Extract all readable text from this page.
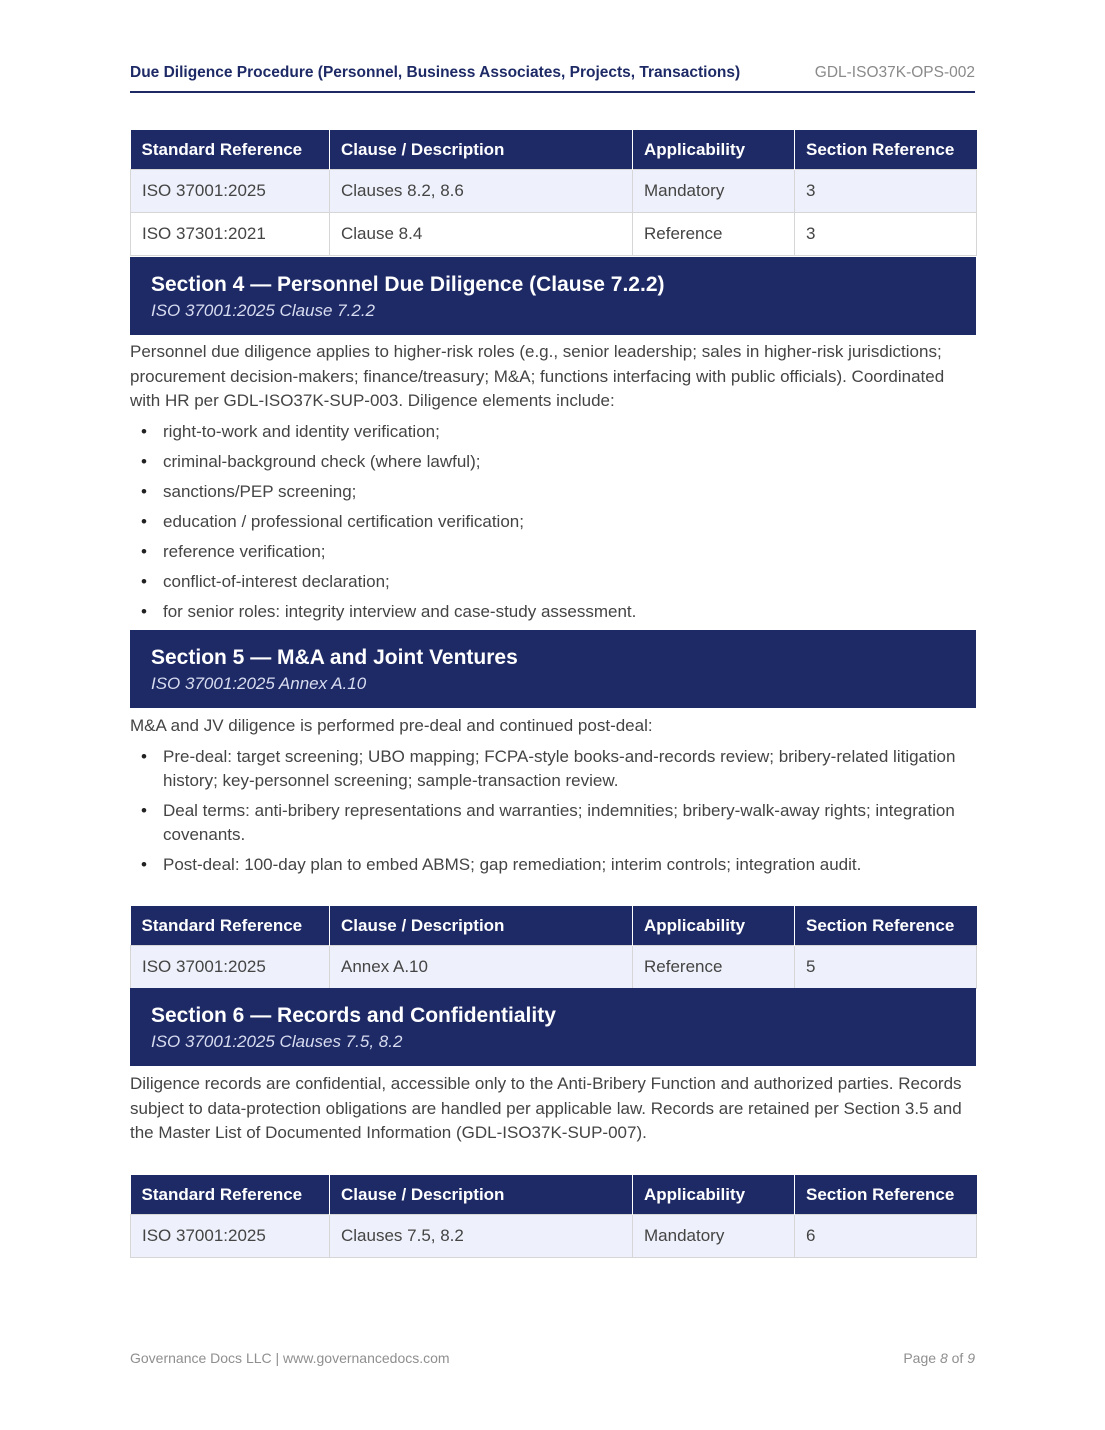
Due Diligence Procedure (Personnel, Business Associates, Projects, Transactions)	GDL-ISO37K-OPS-002
Standard Reference	Clause / Description	Applicability	Section Reference
ISO 37001:2025	Clauses 8.2, 8.6	Mandatory	3
ISO 37301:2021	Clause 8.4	Reference	3
Section 4 — Personnel Due Diligence (Clause 7.2.2)
ISO 37001:2025 Clause 7.2.2

Personnel due diligence applies to higher-risk roles (e.g., senior leadership; sales in higher-risk jurisdictions; procurement decision-makers; finance/treasury; M&A; functions interfacing with public officials). Coordinated with HR per GDL-ISO37K-SUP-003. Diligence elements include:

• right-to-work and identity verification;
• criminal-background check (where lawful);
• sanctions/PEP screening;
• education / professional certification verification;
• reference verification;
• conflict-of-interest declaration;
• for senior roles: integrity interview and case-study assessment.
Section 5 — M&A and Joint Ventures
ISO 37001:2025 Annex A.10

M&A and JV diligence is performed pre-deal and continued post-deal:

• Pre-deal: target screening; UBO mapping; FCPA-style books-and-records review; bribery-related litigation history; key-personnel screening; sample-transaction review.
• Deal terms: anti-bribery representations and warranties; indemnities; bribery-walk-away rights; integration covenants.
• Post-deal: 100-day plan to embed ABMS; gap remediation; interim controls; integration audit.
Standard Reference	Clause / Description	Applicability	Section Reference
ISO 37001:2025	Annex A.10	Reference	5
Section 6 — Records and Confidentiality
ISO 37001:2025 Clauses 7.5, 8.2

Diligence records are confidential, accessible only to the Anti-Bribery Function and authorized parties. Records subject to data-protection obligations are handled per applicable law. Records are retained per Section 3.5 and the Master List of Documented Information (GDL-ISO37K-SUP-007).

Standard Reference	Clause / Description	Applicability	Section Reference
ISO 37001:2025	Clauses 7.5, 8.2	Mandatory	6
Governance Docs LLC | www.governancedocs.com	Page 8 of 9
